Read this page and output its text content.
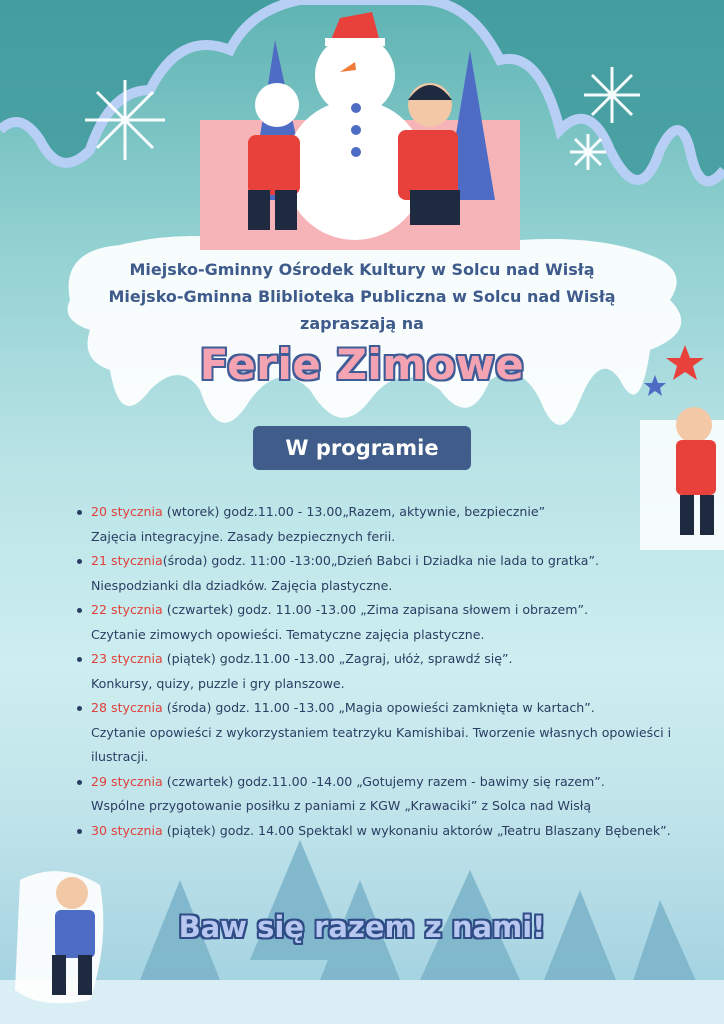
Miejsko-Gminny Ośrodek Kultury w Solcu nad Wisłą
Miejsko-Gminna Bliblioteka Publiczna w Solcu nad Wisłą
zapraszają na
Ferie Zimowe
W programie
20 stycznia (wtorek) godz.11.00 - 13.00„Razem, aktywnie, bezpiecznie”
Zajęcia integracyjne. Zasady bezpiecznych ferii.
21 stycznia(środa) godz. 11:00 -13:00„Dzień Babci i Dziadka nie lada to gratka”.
Niespodzianki dla dziadków. Zajęcia plastyczne.
22 stycznia (czwartek) godz. 11.00 -13.00 „Zima zapisana słowem i obrazem”.
Czytanie zimowych opowieści. Tematyczne zajęcia plastyczne.
23 stycznia (piątek) godz.11.00 -13.00 „Zagraj, ułóż, sprawdź się”.
Konkursy, quizy, puzzle i gry planszowe.
28 stycznia (środa) godz. 11.00 -13.00 „Magia opowieści zamknięta w kartach”.
Czytanie opowieści z wykorzystaniem teatrzyku Kamishibai. Tworzenie własnych opowieści i ilustracji.
29 stycznia (czwartek) godz.11.00 -14.00 „Gotujemy razem - bawimy się razem”.
Wspólne przygotowanie posiłku z paniami z KGW „Krawaciki” z Solca nad Wisłą
30 stycznia (piątek) godz. 14.00 Spektakl w wykonaniu aktorów „Teatru Blaszany Bębenek”.
Baw się razem z nami!
